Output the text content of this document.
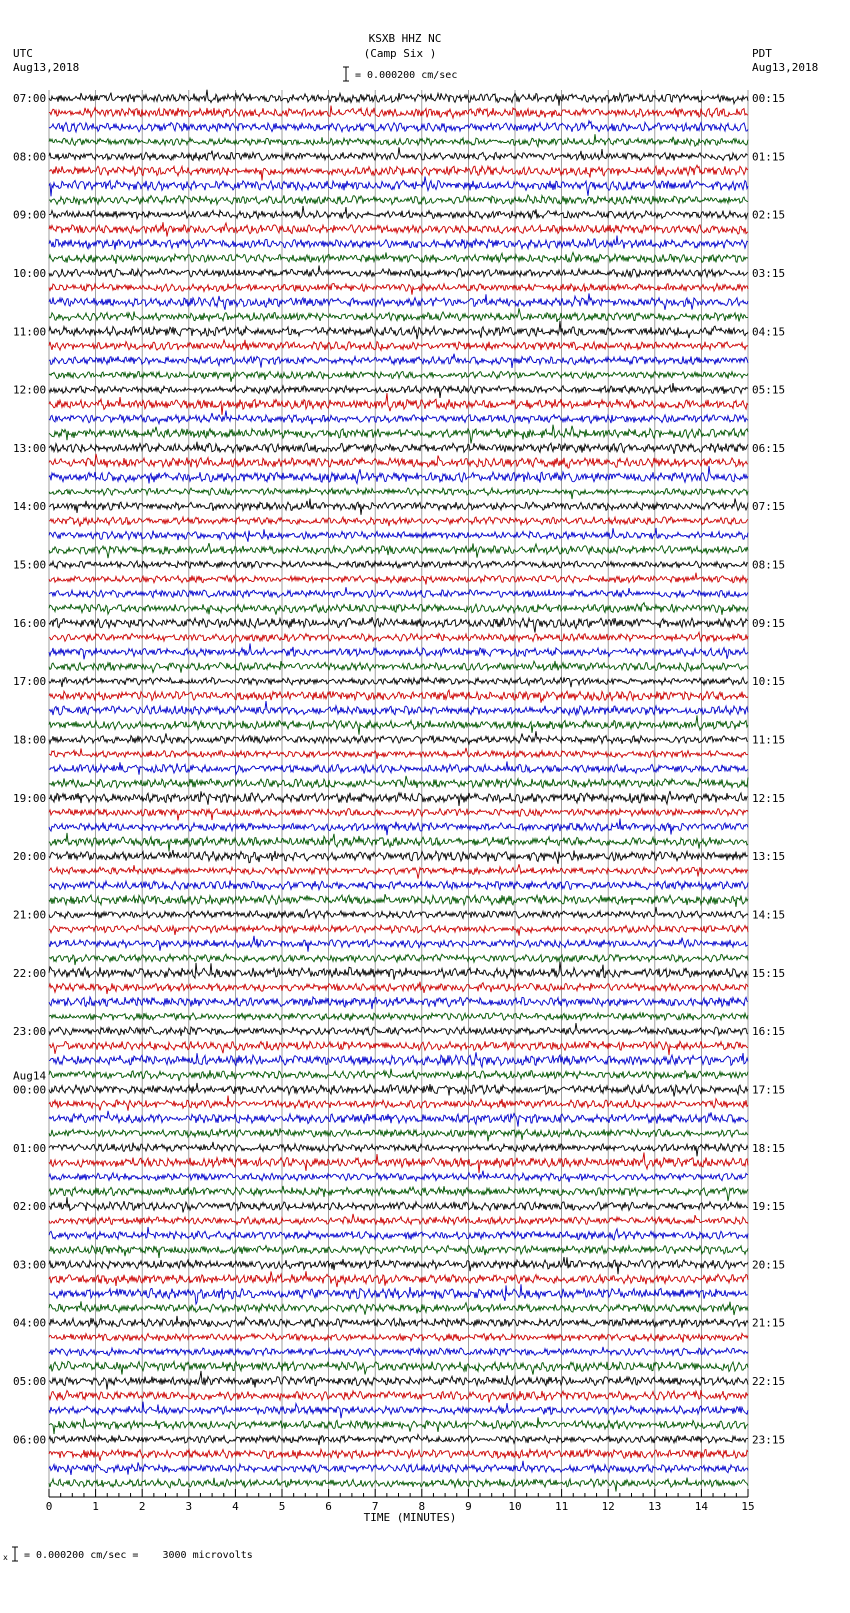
KSXB HHZ NC
(Camp Six )
UTC
Aug13,2018
PDT
Aug13,2018
= 0.000200 cm/sec
0	1	2	3	4	5	6	7	8	9	10	11	12	13	14	15
07:00
08:00
09:00
10:00
11:00
12:00
13:00
14:00
15:00
16:00
17:00
18:00
19:00
20:00
21:00
22:00
23:00
00:00
Aug14
01:00
02:00
03:00
04:00
05:00
06:00
00:15
01:15
02:15
03:15
04:15
05:15
06:15
07:15
08:15
09:15
10:15
11:15
12:15
13:15
14:15
15:15
16:15
17:15
18:15
19:15
20:15
21:15
22:15
23:15
TIME (MINUTES)
x = 0.000200 cm/sec =    3000 microvolts
